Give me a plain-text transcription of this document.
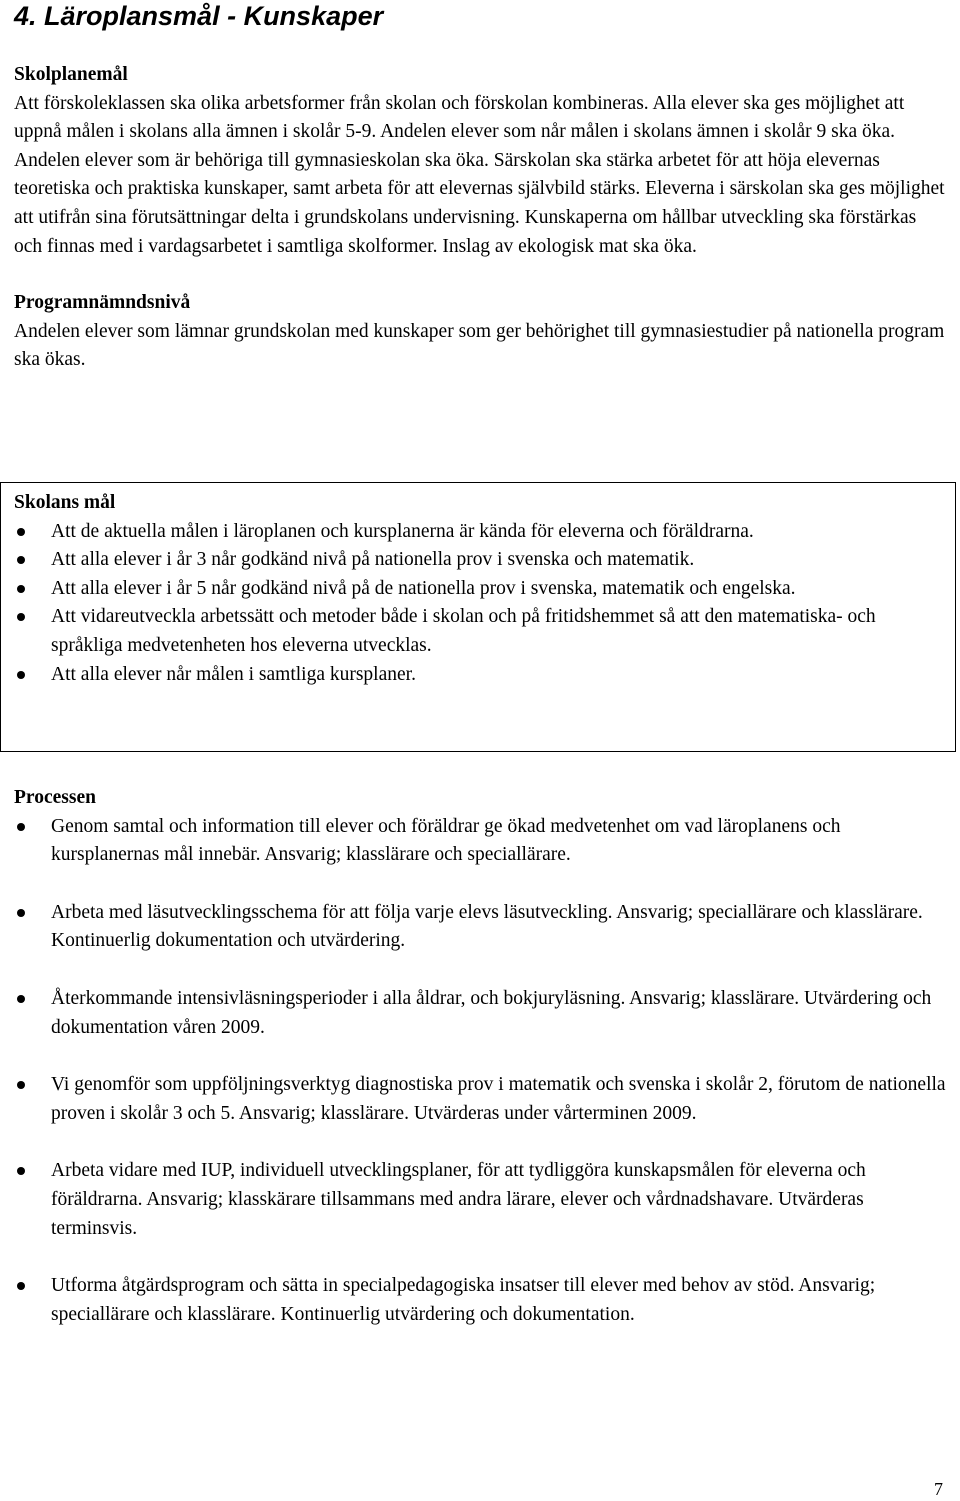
4. Läroplansmål - Kunskaper
Skolplanemål

Att förskoleklassen ska olika arbetsformer från skolan och förskolan kombineras. Alla elever ska ges möjlighet att uppnå målen i skolans alla ämnen i skolår 5-9. Andelen elever som når målen i skolans ämnen i skolår 9 ska öka. Andelen elever som är behöriga till gymnasieskolan ska öka. Särskolan ska stärka arbetet för att höja elevernas teoretiska och praktiska kunskaper, samt arbeta för att elevernas självbild stärks. Eleverna i särskolan ska ges möjlighet att utifrån sina förutsättningar delta i grundskolans undervisning. Kunskaperna om hållbar utveckling ska förstärkas och finnas med i vardagsarbetet i samtliga skolformer. Inslag av ekologisk mat ska öka.

Programnämndsnivå

Andelen elever som lämnar grundskolan med kunskaper som ger behörighet till gymnasiestudier på nationella program ska ökas.

Skolans mål
Att de aktuella målen i läroplanen och kursplanerna är kända för eleverna och föräldrarna.
Att alla elever i år 3 når godkänd nivå på nationella prov i svenska och matematik.
Att alla elever i år 5 når godkänd nivå på de nationella prov i svenska, matematik och engelska.
Att vidareutveckla arbetssätt och metoder både i skolan och på fritidshemmet så att den matematiska- och språkliga medvetenheten hos eleverna utvecklas.
Att alla elever når målen i samtliga kursplaner.
Processen
Genom samtal och information till elever och föräldrar ge ökad medvetenhet om vad läroplanens och kursplanernas mål innebär. Ansvarig; klasslärare och speciallärare.
Arbeta med läsutvecklingsschema för att följa varje elevs läsutveckling. Ansvarig; speciallärare och klasslärare. Kontinuerlig dokumentation och utvärdering.
Återkommande intensivläsningsperioder i alla åldrar, och bokjuryläsning. Ansvarig; klasslärare. Utvärdering och dokumentation våren 2009.
Vi genomför som uppföljningsverktyg diagnostiska prov i matematik och svenska i skolår 2, förutom de nationella proven i skolår 3 och 5. Ansvarig; klasslärare. Utvärderas under vårterminen 2009.
Arbeta vidare med IUP, individuell utvecklingsplaner, för att tydliggöra kunskapsmålen för eleverna och föräldrarna. Ansvarig; klasskärare tillsammans med andra lärare, elever och vårdnadshavare. Utvärderas terminsvis.
Utforma åtgärdsprogram och sätta in specialpedagogiska insatser till elever med behov av stöd. Ansvarig; speciallärare och klasslärare. Kontinuerlig utvärdering och dokumentation.
7
